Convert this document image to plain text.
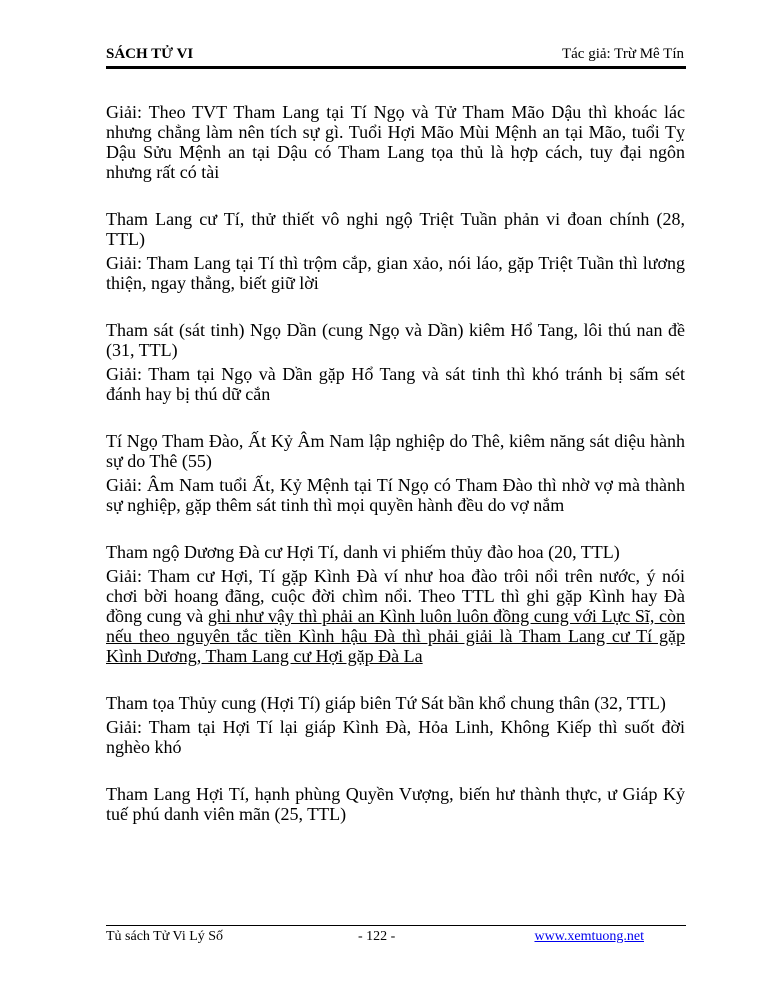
SÁCH TỬ VI	Tác giả: Trừ Mê Tín

Giải: Theo TVT Tham Lang tại Tí Ngọ và Tử Tham Mão Dậu thì khoác lác nhưng chẳng làm nên tích sự gì. Tuổi Hợi Mão Mùi Mệnh an tại Mão, tuổi Tỵ Dậu Sửu Mệnh an tại Dậu có Tham Lang tọa thủ là hợp cách, tuy đại ngôn nhưng rất có tài

Tham Lang cư Tí, thử thiết vô nghi ngộ Triệt Tuần phản vi đoan chính (28, TTL)

Giải: Tham Lang tại Tí thì trộm cắp, gian xảo, nói láo, gặp Triệt Tuần thì lương thiện, ngay thẳng, biết giữ lời

Tham sát (sát tinh) Ngọ Dần (cung Ngọ và Dần) kiêm Hổ Tang, lôi thú nan đề (31, TTL)

Giải: Tham tại Ngọ và Dần gặp Hổ Tang và sát tinh thì khó tránh bị sấm sét đánh hay bị thú dữ cắn

Tí Ngọ Tham Đào, Ất Kỷ Âm Nam lập nghiệp do Thê, kiêm năng sát diệu hành sự do Thê (55)

Giải: Âm Nam tuổi Ất, Kỷ Mệnh tại Tí Ngọ có Tham Đào thì nhờ vợ mà thành sự nghiệp, gặp thêm sát tinh thì mọi quyền hành đều do vợ nắm

Tham ngộ Dương Đà cư Hợi Tí, danh vi phiếm thủy đào hoa (20, TTL)

Giải: Tham cư Hợi, Tí gặp Kình Đà ví như hoa đào trôi nổi trên nước, ý nói chơi bời hoang đãng, cuộc đời chìm nổi. Theo TTL thì ghi gặp Kình hay Đà đồng cung và ghi như vậy thì phải an Kình luôn luôn đồng cung với Lực Sĩ, còn nếu theo nguyên tắc tiền Kình hậu Đà thì phải giải là Tham Lang cư Tí gặp Kình Dương, Tham Lang cư Hợi gặp Đà La

Tham tọa Thủy cung (Hợi Tí) giáp biên Tứ Sát bần khổ chung thân (32, TTL)

Giải: Tham tại Hợi Tí lại giáp Kình Đà, Hỏa Linh, Không Kiếp thì suốt đời nghèo khó

Tham Lang Hợi Tí, hạnh phùng Quyền Vượng, biến hư thành thực, ư Giáp Kỷ tuế phú danh viên mãn (25, TTL)

Tủ sách Tử Vi Lý Số	- 122 -	www.xemtuong.net
